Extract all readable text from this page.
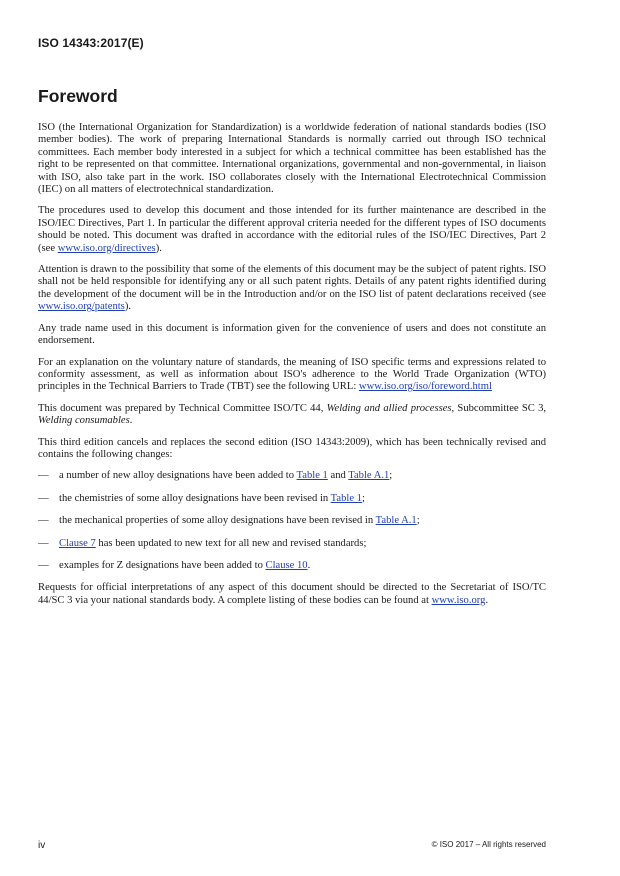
ISO 14343:2017(E)
Foreword

ISO (the International Organization for Standardization) is a worldwide federation of national standards bodies (ISO member bodies). The work of preparing International Standards is normally carried out through ISO technical committees. Each member body interested in a subject for which a technical committee has been established has the right to be represented on that committee. International organizations, governmental and non-governmental, in liaison with ISO, also take part in the work. ISO collaborates closely with the International Electrotechnical Commission (IEC) on all matters of electrotechnical standardization.

The procedures used to develop this document and those intended for its further maintenance are described in the ISO/IEC Directives, Part 1. In particular the different approval criteria needed for the different types of ISO documents should be noted. This document was drafted in accordance with the editorial rules of the ISO/IEC Directives, Part 2 (see www.iso.org/directives).

Attention is drawn to the possibility that some of the elements of this document may be the subject of patent rights. ISO shall not be held responsible for identifying any or all such patent rights. Details of any patent rights identified during the development of the document will be in the Introduction and/or on the ISO list of patent declarations received (see www.iso.org/patents).

Any trade name used in this document is information given for the convenience of users and does not constitute an endorsement.

For an explanation on the voluntary nature of standards, the meaning of ISO specific terms and expressions related to conformity assessment, as well as information about ISO's adherence to the World Trade Organization (WTO) principles in the Technical Barriers to Trade (TBT) see the following URL: www.iso.org/iso/foreword.html

This document was prepared by Technical Committee ISO/TC 44, Welding and allied processes, Subcommittee SC 3, Welding consumables.

This third edition cancels and replaces the second edition (ISO 14343:2009), which has been technically revised and contains the following changes:

— a number of new alloy designations have been added to Table 1 and Table A.1;
— the chemistries of some alloy designations have been revised in Table 1;
— the mechanical properties of some alloy designations have been revised in Table A.1;
— Clause 7 has been updated to new text for all new and revised standards;
— examples for Z designations have been added to Clause 10.

Requests for official interpretations of any aspect of this document should be directed to the Secretariat of ISO/TC 44/SC 3 via your national standards body. A complete listing of these bodies can be found at www.iso.org.

iv	© ISO 2017 – All rights reserved
